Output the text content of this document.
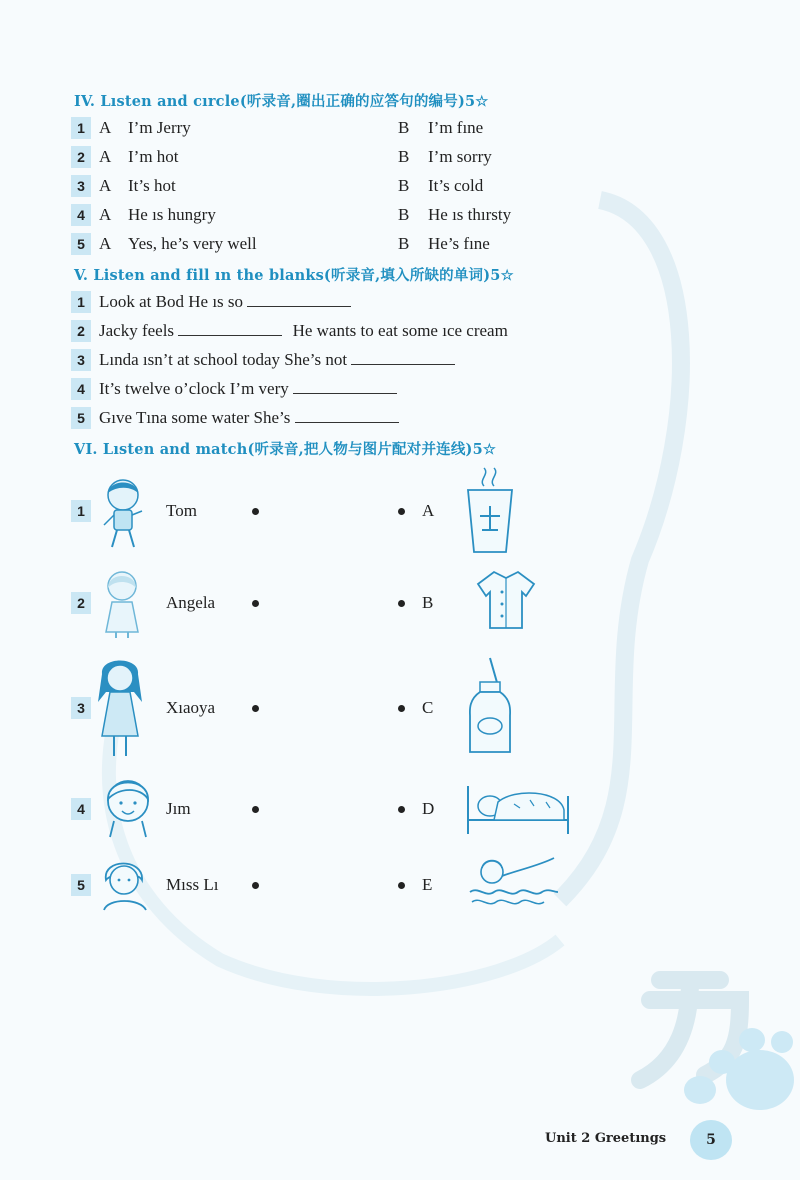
IV. Lısten and cırcle(听录音,圈出正确的应答句的编号)5☆
1 A I’m Jerry	B I’m fıne
2 A I’m hot	B I’m sorry
3 A It’s hot	B It’s cold
4 A He ıs hungry	B He ıs thırsty
5 A Yes, he’s very well	B He’s fıne
V. Listen and fill ın the blanks(听录音,填入所缺的单词)5☆
1 Look at Bod He ıs so
2 Jacky feels	He wants to eat some ıce cream
3 Lında ısn’t at school today She’s not
4 It’s twelve o’clock I’m very
5 Gıve Tına some water She’s
VI. Lısten and match(听录音,把人物与图片配对并连线)5☆
1	Tom	A
2	Angela	B
3	Xıaoya	C
4	Jım	D
5	Mıss Lı	E
Unit 2 Greetıngs	5
